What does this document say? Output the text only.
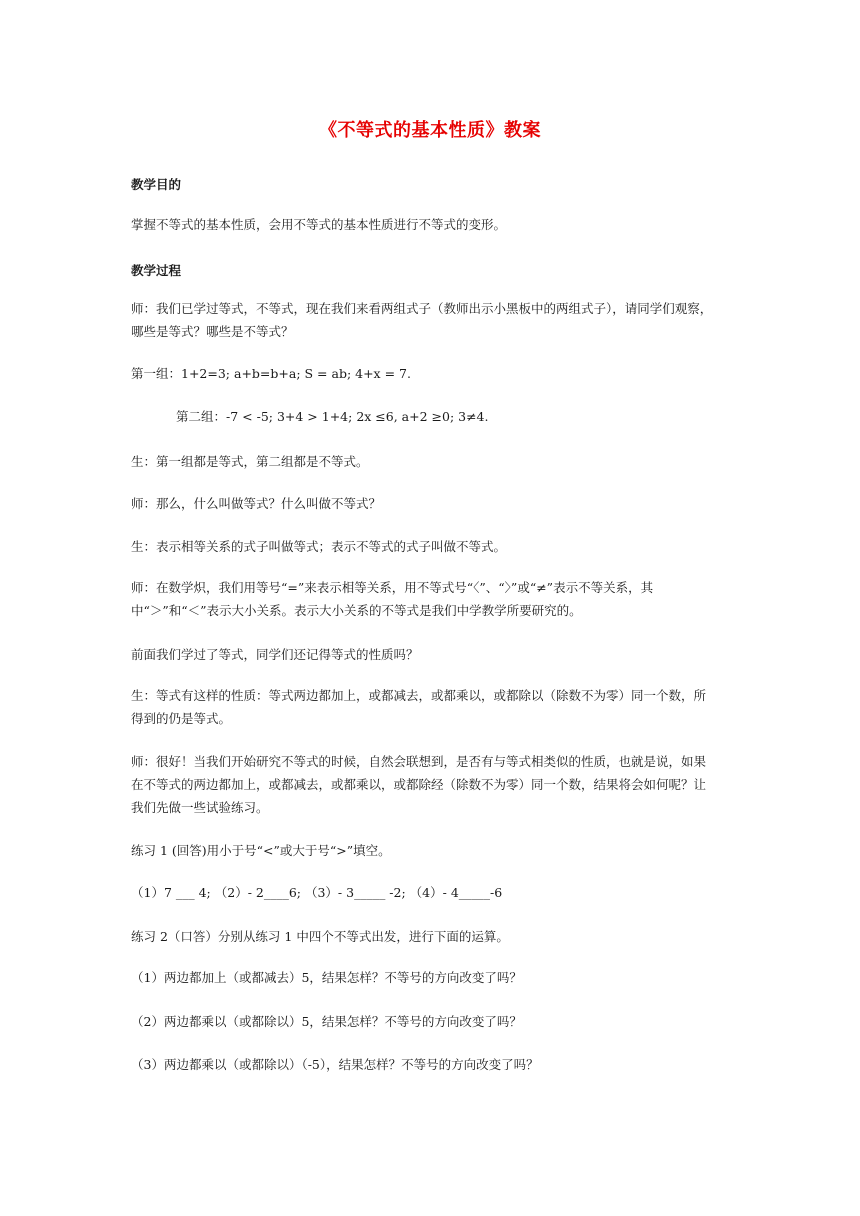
《不等式的基本性质》教案
教学目的
掌握不等式的基本性质，会用不等式的基本性质进行不等式的变形。
教学过程
师：我们已学过等式，不等式，现在我们来看两组式子（教师出示小黑板中的两组式子），请同学们观察，
哪些是等式？哪些是不等式？
第一组：1+2=3; a+b=b+a; S = ab; 4+x = 7.
第二组：-7 < -5; 3+4 > 1+4; 2x ≤6, a+2 ≥0; 3≠4.
生：第一组都是等式，第二组都是不等式。
师：那么，什么叫做等式？什么叫做不等式？
生：表示相等关系的式子叫做等式；表示不等式的式子叫做不等式。
师：在数学炽，我们用等号“=”来表示相等关系，用不等式号“〈”、“〉”或“≠”表示不等关系，其
中“＞”和“＜”表示大小关系。表示大小关系的不等式是我们中学教学所要研究的。
前面我们学过了等式，同学们还记得等式的性质吗？
生：等式有这样的性质：等式两边都加上，或都减去，或都乘以，或都除以（除数不为零）同一个数，所
得到的仍是等式。
师：很好！当我们开始研究不等式的时候，自然会联想到，是否有与等式相类似的性质，也就是说，如果
在不等式的两边都加上，或都减去，或都乘以，或都除经（除数不为零）同一个数，结果将会如何呢？让
我们先做一些试验练习。
练习 1 (回答)用小于号“<”或大于号“>”填空。
（1）7 ___ 4; （2）- 2____6; （3）- 3_____ -2; （4）- 4_____-6
练习 2（口答）分别从练习 1 中四个不等式出发，进行下面的运算。
（1）两边都加上（或都减去）5，结果怎样？不等号的方向改变了吗？
（2）两边都乘以（或都除以）5，结果怎样？不等号的方向改变了吗？
（3）两边都乘以（或都除以）（-5），结果怎样？不等号的方向改变了吗？
